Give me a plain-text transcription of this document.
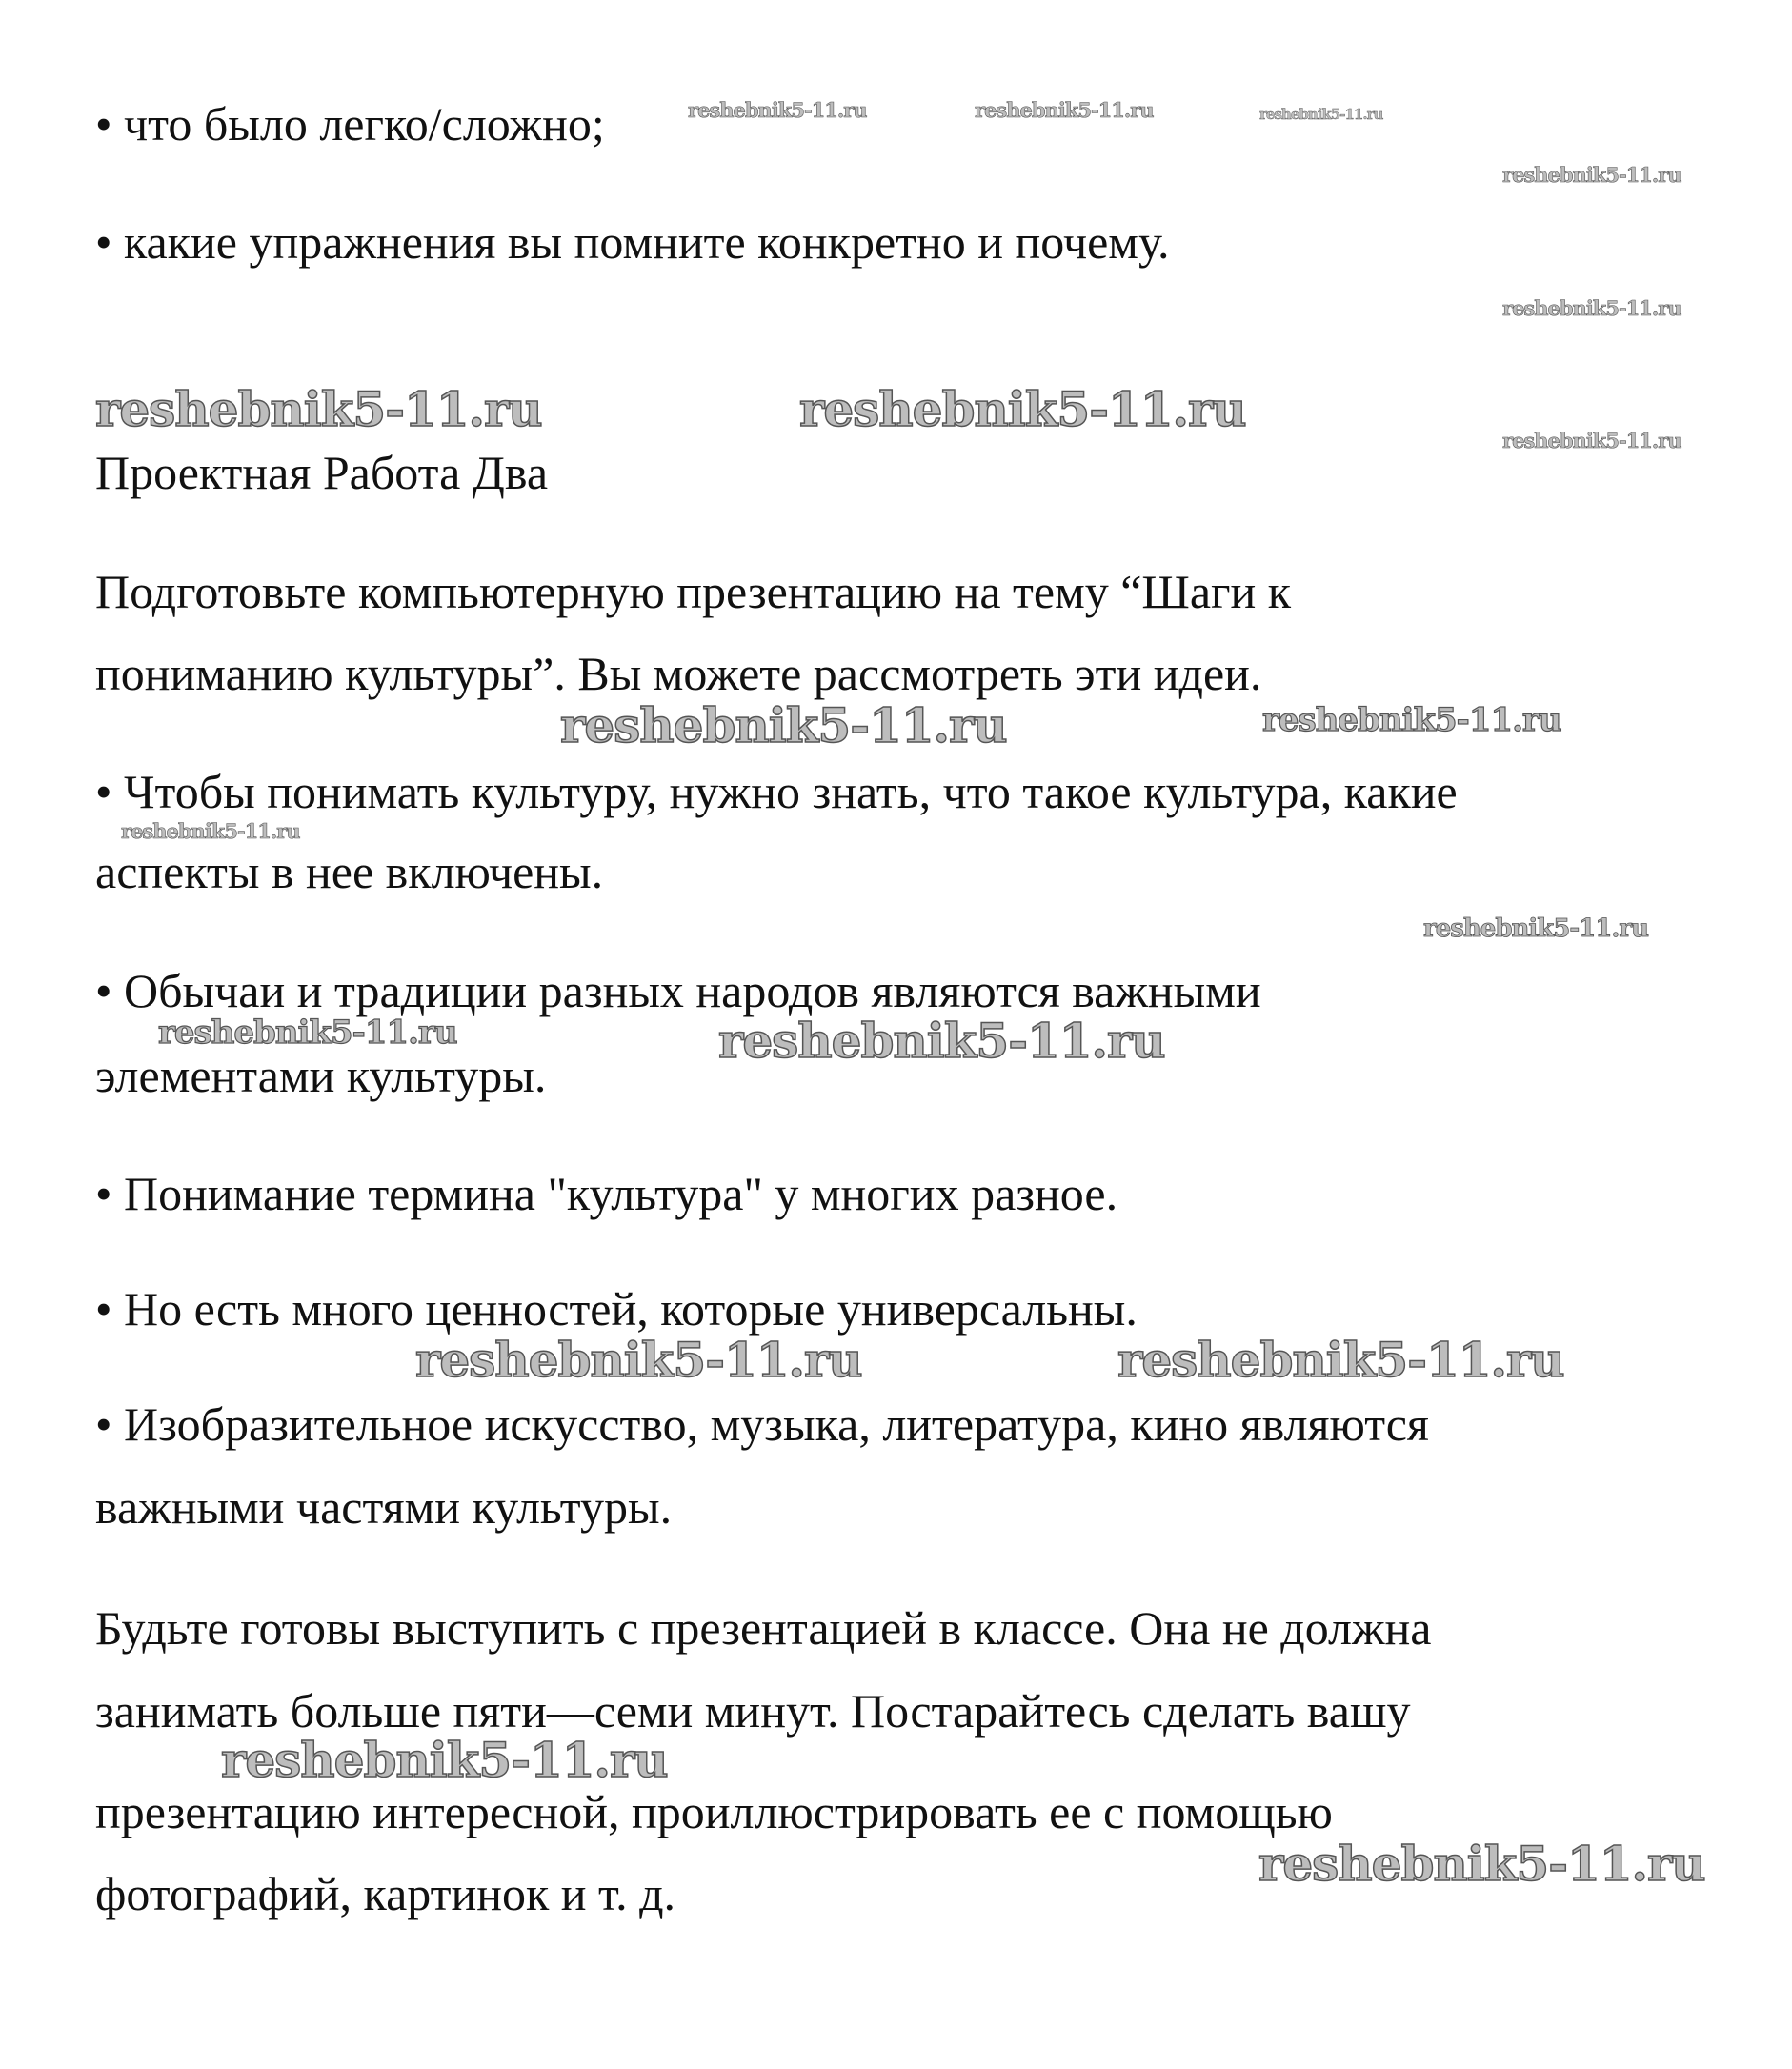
• что было легко/сложно;
• какие упражнения вы помните конкретно и почему.
Проектная Работа Два
Подготовьте компьютерную презентацию на тему “Шаги к
пониманию культуры”. Вы можете рассмотреть эти идеи.
• Чтобы понимать культуру, нужно знать, что такое культура, какие
аспекты в нее включены.
• Обычаи и традиции разных народов являются важными
элементами культуры.
• Понимание термина "культура" у многих разное.
• Но есть много ценностей, которые универсальны.
• Изобразительное искусство, музыка, литература, кино являются
важными частями культуры.
Будьте готовы выступить с презентацией в классе. Она не должна
занимать больше пяти—семи минут. Постарайтесь сделать вашу
презентацию интересной, проиллюстрировать ее с помощью
фотографий, картинок и т. д.
reshebnik5-11.ru	reshebnik5-11.ru
reshebnik5-11.ru
reshebnik5-11.ru
reshebnik5-11.ru	reshebnik5-11.ru
reshebnik5-11.ru
reshebnik5-11.ru
reshebnik5-11.ru
reshebnik5-11.ru
reshebnik5-11.ru
reshebnik5-11.ru	reshebnik5-11.ru	reshebnik5-11.ru
reshebnik5-11.ru
reshebnik5-11.ru
reshebnik5-11.ru
reshebnik5-11.ru
